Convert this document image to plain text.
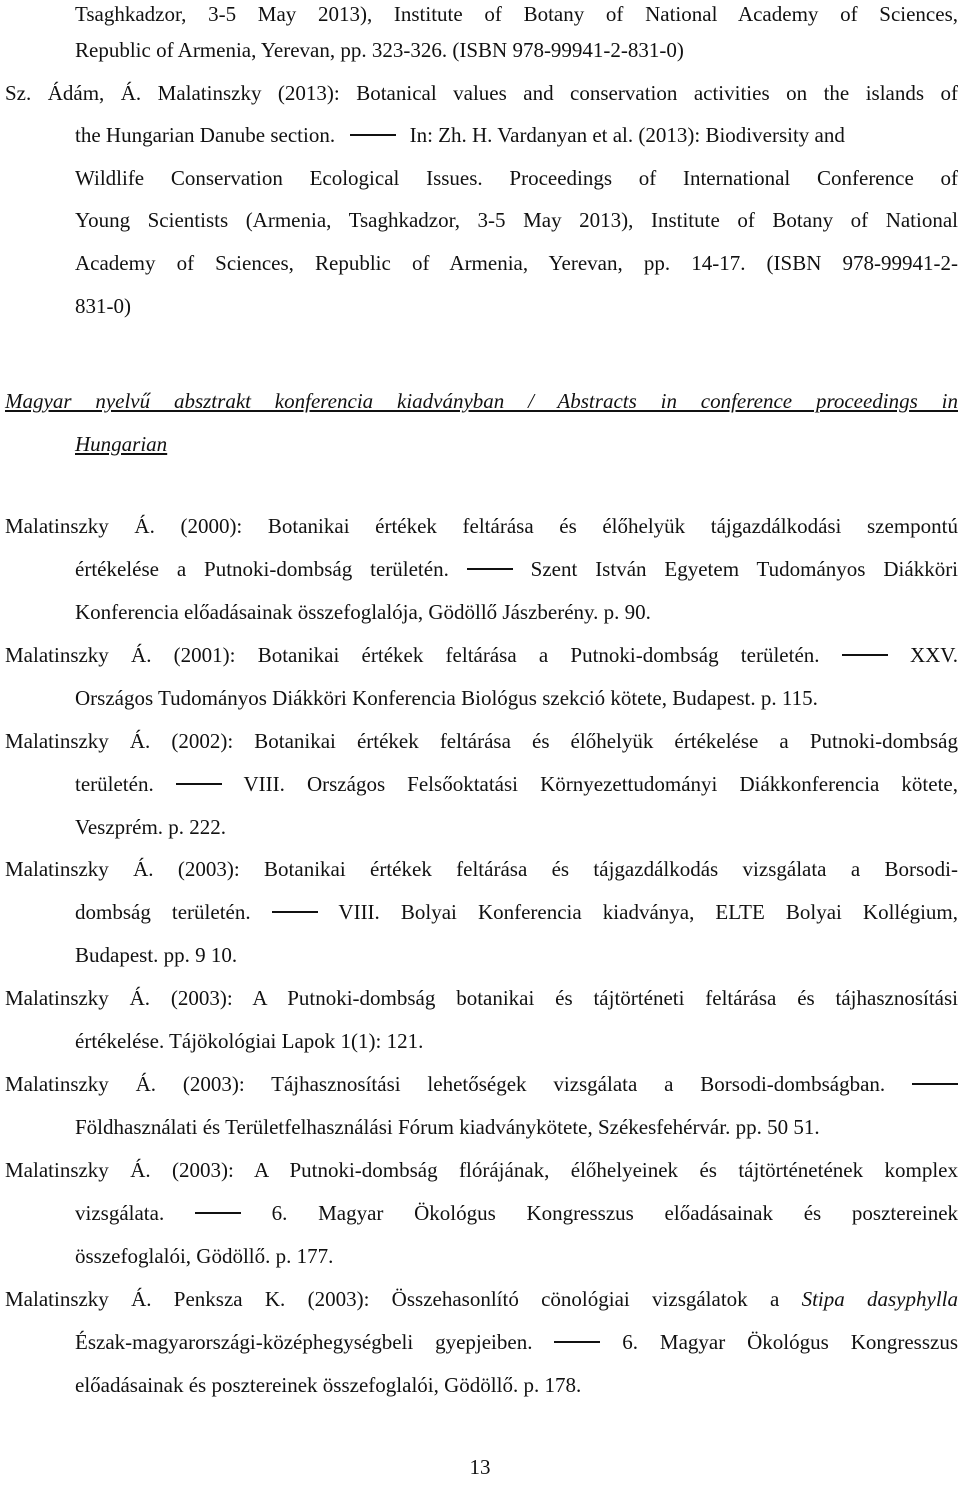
Tsaghkadzor, 3-5 May 2013), Institute of Botany of National Academy of Sciences,
Republic of Armenia, Yerevan, pp. 323-326. (ISBN 978-99941-2-831-0)
Sz. Ádám, Á. Malatinszky (2013): Botanical values and conservation activities on the islands of
the Hungarian Danube section.	In: Zh. H. Vardanyan et al. (2013): Biodiversity and
Wildlife Conservation Ecological Issues. Proceedings of International Conference of
Young Scientists (Armenia, Tsaghkadzor, 3-5 May 2013), Institute of Botany of National
Academy of Sciences, Republic of Armenia, Yerevan, pp. 14-17. (ISBN 978-99941-2-
831-0)
Magyar nyelvű absztrakt konferencia kiadványban / Abstracts in conference proceedings in
Hungarian
Malatinszky Á. (2000): Botanikai értékek feltárása és élőhelyük tájgazdálkodási szempontú
értékelése a Putnoki-dombság területén.	Szent István Egyetem Tudományos Diákköri
Konferencia előadásainak összefoglalója, Gödöllő Jászberény. p. 90.
Malatinszky Á. (2001): Botanikai értékek feltárása a Putnoki-dombság területén.	XXV.
Országos Tudományos Diákköri Konferencia Biológus szekció kötete, Budapest. p. 115.
Malatinszky Á. (2002): Botanikai értékek feltárása és élőhelyük értékelése a Putnoki-dombság
területén.	VIII. Országos Felsőoktatási Környezettudományi Diákkonferencia kötete,
Veszprém. p. 222.
Malatinszky Á. (2003): Botanikai értékek feltárása és tájgazdálkodás vizsgálata a Borsodi-
dombság területén.	VIII. Bolyai Konferencia kiadványa, ELTE Bolyai Kollégium,
Budapest. pp. 9 10.
Malatinszky Á. (2003): A Putnoki-dombság botanikai és tájtörténeti feltárása és tájhasznosítási
értékelése. Tájökológiai Lapok 1(1): 121.
Malatinszky Á. (2003): Tájhasznosítási lehetőségek vizsgálata a Borsodi-dombságban.
Földhasználati és Területfelhasználási Fórum kiadványkötete, Székesfehérvár. pp. 50 51.
Malatinszky Á. (2003): A Putnoki-dombság flórájának, élőhelyeinek és tájtörténetének komplex
vizsgálata.	6. Magyar Ökológus Kongresszus előadásainak és posztereinek
összefoglalói, Gödöllő. p. 177.
Malatinszky Á. Penksza K. (2003): Összehasonlító cönológiai vizsgálatok a Stipa dasyphylla
Észak-magyarországi-középhegységbeli gyepjeiben.	6. Magyar Ökológus Kongresszus
előadásainak és posztereinek összefoglalói, Gödöllő. p. 178.
13
